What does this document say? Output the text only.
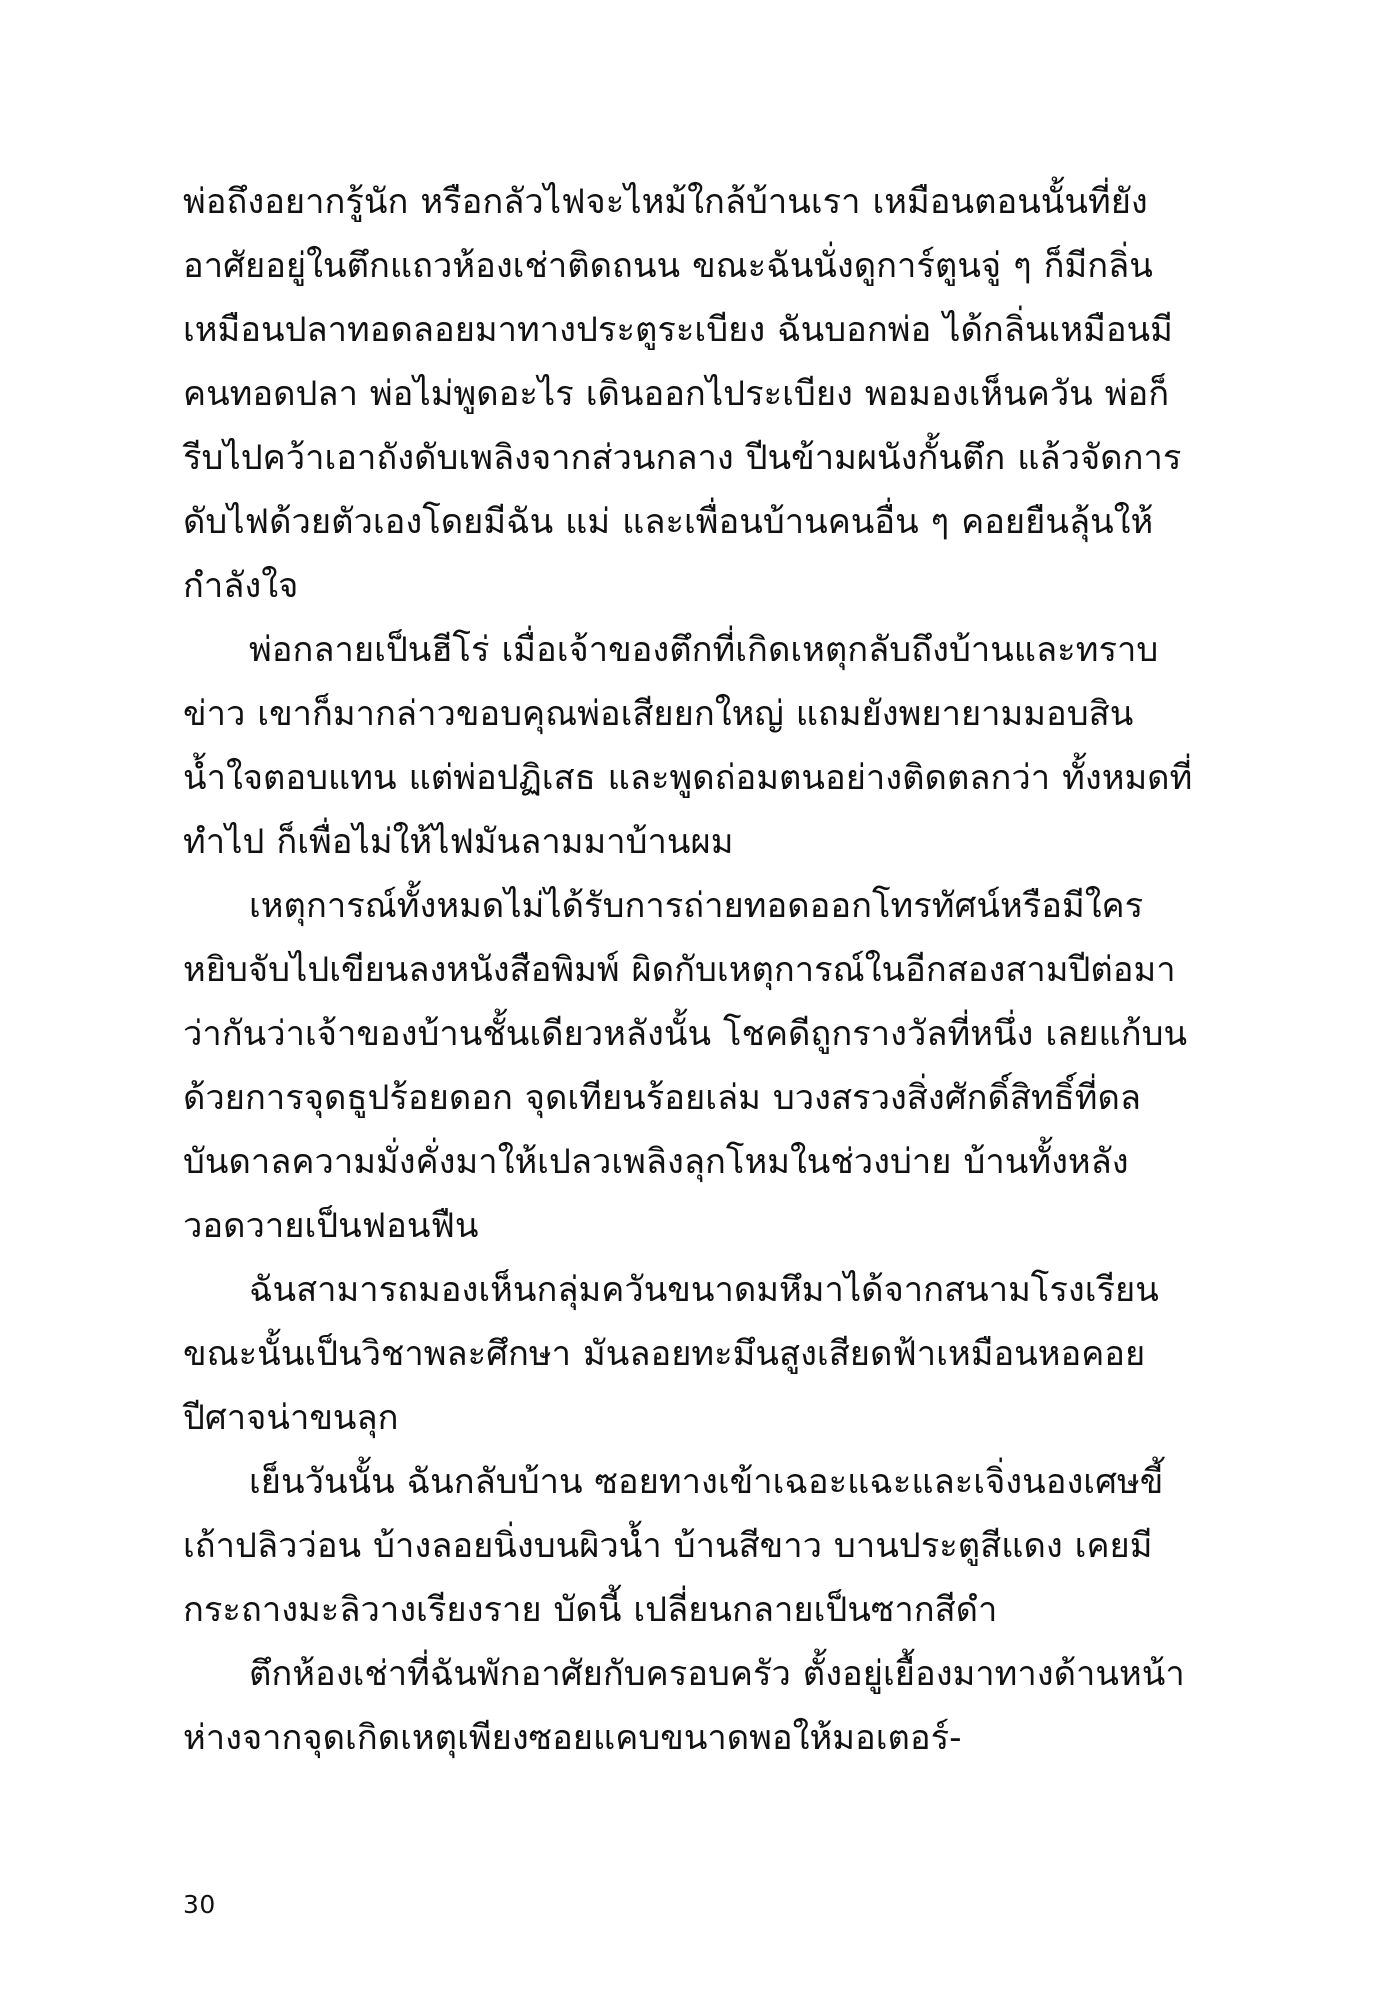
พ่อถึงอยากรู้นัก หรือกลัวไฟจะไหม้ใกล้บ้านเรา เหมือนตอนนั้นที่ยังอาศัยอยู่ในตึกแถวห้องเช่าติดถนน ขณะฉันนั่งดูการ์ตูนจู่ ๆ ก็มีกลิ่นเหมือนปลาทอดลอยมาทางประตูระเบียง ฉันบอกพ่อ ได้กลิ่นเหมือนมีคนทอดปลา พ่อไม่พูดอะไร เดินออกไประเบียง พอมองเห็นควัน พ่อก็รีบไปคว้าเอาถังดับเพลิงจากส่วนกลาง ปีนข้ามผนังกั้นตึก แล้วจัดการดับไฟด้วยตัวเองโดยมีฉัน แม่ และเพื่อนบ้านคนอื่น ๆ คอยยืนลุ้นให้กำลังใจ

พ่อกลายเป็นฮีโร่ เมื่อเจ้าของตึกที่เกิดเหตุกลับถึงบ้านและทราบข่าว เขาก็มากล่าวขอบคุณพ่อเสียยกใหญ่ แถมยังพยายามมอบสินน้ำใจตอบแทน แต่พ่อปฏิเสธ และพูดถ่อมตนอย่างติดตลกว่า ทั้งหมดที่ทำไป ก็เพื่อไม่ให้ไฟมันลามมาบ้านผม

เหตุการณ์ทั้งหมดไม่ได้รับการถ่ายทอดออกโทรทัศน์หรือมีใครหยิบจับไปเขียนลงหนังสือพิมพ์ ผิดกับเหตุการณ์ในอีกสองสามปีต่อมา ว่ากันว่าเจ้าของบ้านชั้นเดียวหลังนั้น โชคดีถูกรางวัลที่หนึ่ง เลยแก้บนด้วยการจุดธูปร้อยดอก จุดเทียนร้อยเล่ม บวงสรวงสิ่งศักดิ์สิทธิ์ที่ดลบันดาลความมั่งคั่งมาให้เปลวเพลิงลุกโหมในช่วงบ่าย บ้านทั้งหลังวอดวายเป็นฟอนฟืน

ฉันสามารถมองเห็นกลุ่มควันขนาดมหึมาได้จากสนามโรงเรียน ขณะนั้นเป็นวิชาพละศึกษา มันลอยทะมึนสูงเสียดฟ้าเหมือนหอคอยปีศาจน่าขนลุก

เย็นวันนั้น ฉันกลับบ้าน ซอยทางเข้าเฉอะแฉะและเจิ่งนองเศษขี้เถ้าปลิวว่อน บ้างลอยนิ่งบนผิวน้ำ บ้านสีขาว บานประตูสีแดง เคยมีกระถางมะลิวางเรียงราย บัดนี้ เปลี่ยนกลายเป็นซากสีดำ

ตึกห้องเช่าที่ฉันพักอาศัยกับครอบครัว ตั้งอยู่เยื้องมาทางด้านหน้า ห่างจากจุดเกิดเหตุเพียงซอยแคบขนาดพอให้มอเตอร์-

30
